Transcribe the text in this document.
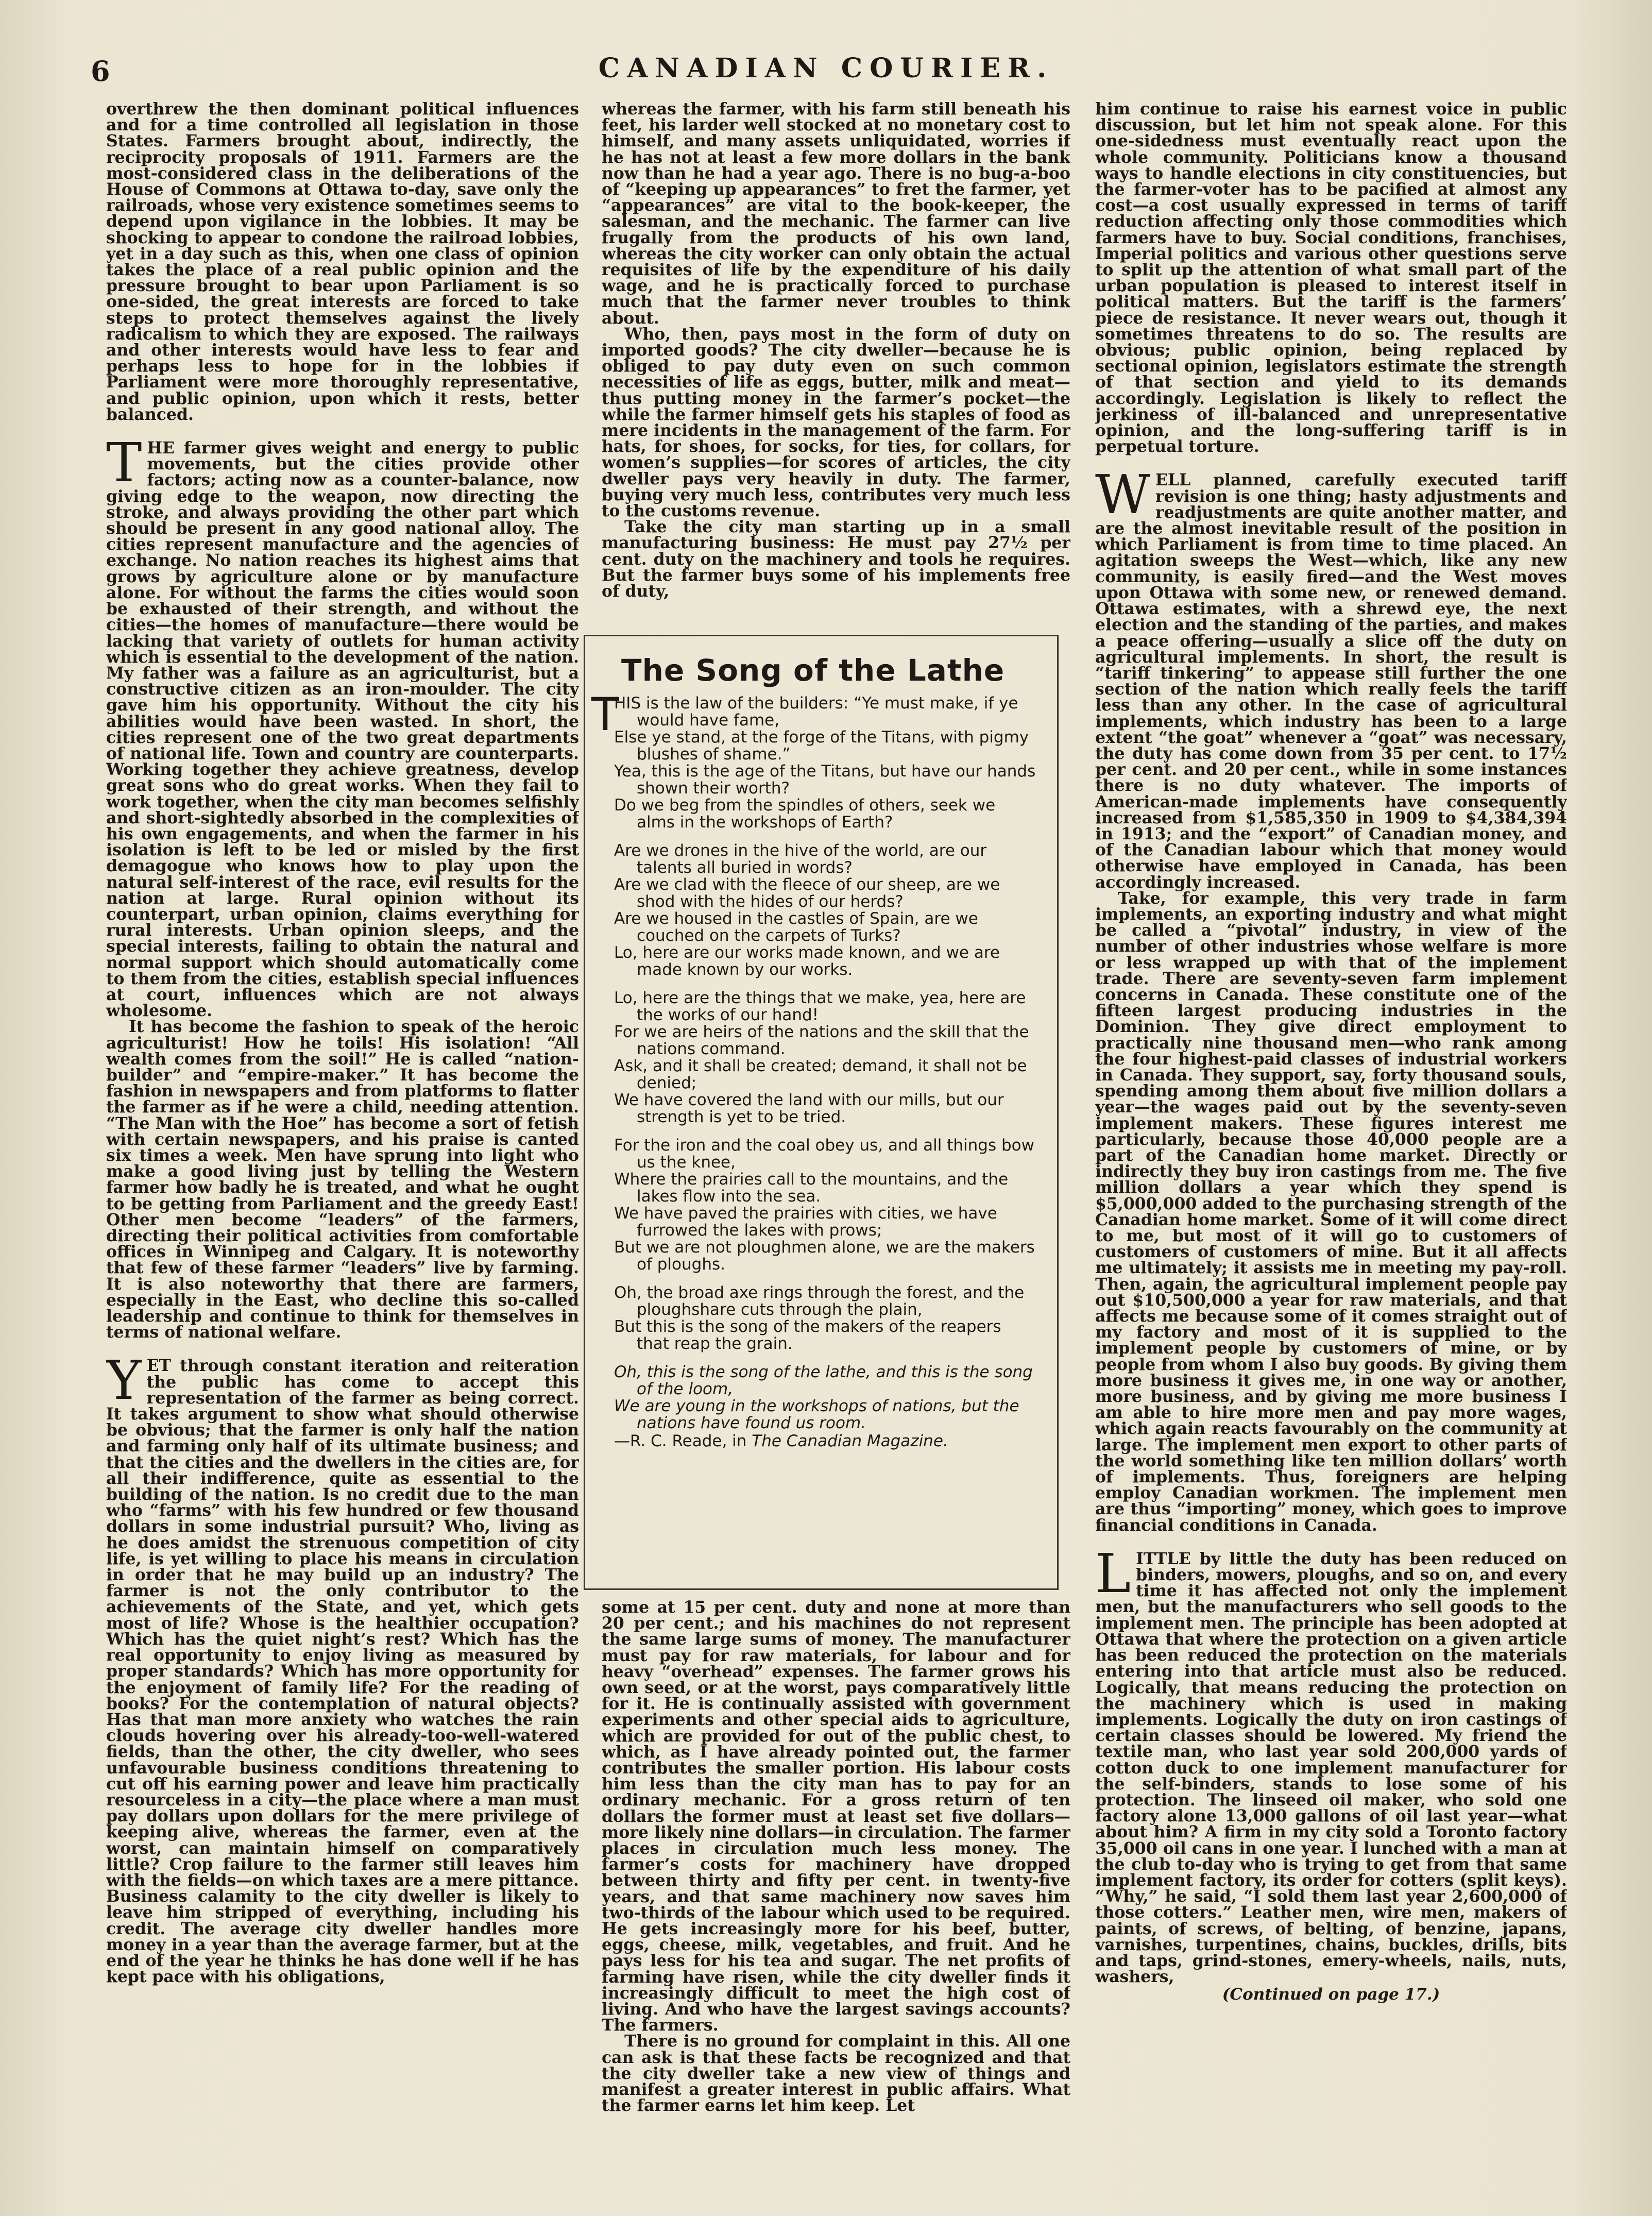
6	CANADIAN COURIER.

overthrew the then dominant political influences and for a time controlled all legislation in those States. Farmers brought about, indirectly, the reciprocity proposals of 1911. Farmers are the most-considered class in the deliberations of the House of Commons at Ottawa to-day, save only the railroads, whose very existence sometimes seems to depend upon vigilance in the lobbies. It may be shocking to appear to condone the railroad lobbies, yet in a day such as this, when one class of opinion takes the place of a real public opinion and the pressure brought to bear upon Parliament is so one-sided, the great interests are forced to take steps to protect themselves against the lively radicalism to which they are exposed. The railways and other interests would have less to fear and perhaps less to hope for in the lobbies if Parliament were more thoroughly representative, and public opinion, upon which it rests, better balanced.

THE farmer gives weight and energy to public movements, but the cities provide other factors; acting now as a counter-balance, now giving edge to the weapon, now directing the stroke, and always providing the other part which should be present in any good national alloy. The cities represent manufacture and the agencies of exchange. No nation reaches its highest aims that grows by agriculture alone or by manufacture alone. For without the farms the cities would soon be exhausted of their strength, and without the cities—the homes of manufacture—there would be lacking that variety of outlets for human activity which is essential to the development of the nation. My father was a failure as an agriculturist, but a constructive citizen as an iron-moulder. The city gave him his opportunity. Without the city his abilities would have been wasted. In short, the cities represent one of the two great departments of national life. Town and country are counterparts. Working together they achieve greatness, develop great sons who do great works. When they fail to work together, when the city man becomes selfishly and short-sightedly absorbed in the complexities of his own engagements, and when the farmer in his isolation is left to be led or misled by the first demagogue who knows how to play upon the natural self-interest of the race, evil results for the nation at large. Rural opinion without its counterpart, urban opinion, claims everything for rural interests. Urban opinion sleeps, and the special interests, failing to obtain the natural and normal support which should automatically come to them from the cities, establish special influences at court, influences which are not always wholesome.

It has become the fashion to speak of the heroic agriculturist! How he toils! His isolation! “All wealth comes from the soil!” He is called “nation-builder” and “empire-maker.” It has become the fashion in newspapers and from platforms to flatter the farmer as if he were a child, needing attention. “The Man with the Hoe” has become a sort of fetish with certain newspapers, and his praise is canted six times a week. Men have sprung into light who make a good living just by telling the Western farmer how badly he is treated, and what he ought to be getting from Parliament and the greedy East! Other men become “leaders” of the farmers, directing their political activities from comfortable offices in Winnipeg and Calgary. It is noteworthy that few of these farmer “leaders” live by farming. It is also noteworthy that there are farmers, especially in the East, who decline this so-called leadership and continue to think for themselves in terms of national welfare.

YET through constant iteration and reiteration the public has come to accept this representation of the farmer as being correct. It takes argument to show what should otherwise be obvious; that the farmer is only half the nation and farming only half of its ultimate business; and that the cities and the dwellers in the cities are, for all their indifference, quite as essential to the building of the nation. Is no credit due to the man who “farms” with his few hundred or few thousand dollars in some industrial pursuit? Who, living as he does amidst the strenuous competition of city life, is yet willing to place his means in circulation in order that he may build up an industry? The farmer is not the only contributor to the achievements of the State, and yet, which gets most of life? Whose is the healthier occupation? Which has the quiet night’s rest? Which has the real opportunity to enjoy living as measured by proper standards? Which has more opportunity for the enjoyment of family life? For the reading of books? For the contemplation of natural objects? Has that man more anxiety who watches the rain clouds hovering over his already-too-well-watered fields, than the other, the city dweller, who sees unfavourable business conditions threatening to cut off his earning power and leave him practically resourceless in a city—the place where a man must pay dollars upon dollars for the mere privilege of keeping alive, whereas the farmer, even at the worst, can maintain himself on comparatively little? Crop failure to the farmer still leaves him with the fields—on which taxes are a mere pittance. Business calamity to the city dweller is likely to leave him stripped of everything, including his credit. The average city dweller handles more money in a year than the average farmer, but at the end of the year he thinks he has done well if he has kept pace with his obligations,

whereas the farmer, with his farm still beneath his feet, his larder well stocked at no monetary cost to himself, and many assets unliquidated, worries if he has not at least a few more dollars in the bank now than he had a year ago. There is no bug-a-boo of “keeping up appearances” to fret the farmer, yet “appearances” are vital to the book-keeper, the salesman, and the mechanic. The farmer can live frugally from the products of his own land, whereas the city worker can only obtain the actual requisites of life by the expenditure of his daily wage, and he is practically forced to purchase much that the farmer never troubles to think about.

Who, then, pays most in the form of duty on imported goods? The city dweller—because he is obliged to pay duty even on such common necessities of life as eggs, butter, milk and meat—thus putting money in the farmer’s pocket—the while the farmer himself gets his staples of food as mere incidents in the management of the farm. For hats, for shoes, for socks, for ties, for collars, for women’s supplies—for scores of articles, the city dweller pays very heavily in duty. The farmer, buying very much less, contributes very much less to the customs revenue.

Take the city man starting up in a small manufacturing business: He must pay 27½ per cent. duty on the machinery and tools he requires. But the farmer buys some of his implements free of duty,

The Song of the Lathe
T
HIS is the law of the builders: “Ye must make, if ye would have fame,
Else ye stand, at the forge of the Titans, with pigmy blushes of shame.”
Yea, this is the age of the Titans, but have our hands shown their worth?
Do we beg from the spindles of others, seek we alms in the workshops of Earth?
Are we drones in the hive of the world, are our talents all buried in words?
Are we clad with the fleece of our sheep, are we shod with the hides of our herds?
Are we housed in the castles of Spain, are we couched on the carpets of Turks?
Lo, here are our works made known, and we are made known by our works.
Lo, here are the things that we make, yea, here are the works of our hand!
For we are heirs of the nations and the skill that the nations command.
Ask, and it shall be created; demand, it shall not be denied;
We have covered the land with our mills, but our strength is yet to be tried.
For the iron and the coal obey us, and all things bow us the knee,
Where the prairies call to the mountains, and the lakes flow into the sea.
We have paved the prairies with cities, we have furrowed the lakes with prows;
But we are not ploughmen alone, we are the makers of ploughs.
Oh, the broad axe rings through the forest, and the ploughshare cuts through the plain,
But this is the song of the makers of the reapers that reap the grain.
Oh, this is the song of the lathe, and this is the song of the loom,
We are young in the workshops of nations, but the nations have found us room.
—R. C. Reade, in The Canadian Magazine.

some at 15 per cent. duty and none at more than 20 per cent.; and his machines do not represent the same large sums of money. The manufacturer must pay for raw materials, for labour and for heavy “overhead” expenses. The farmer grows his own seed, or at the worst, pays comparatively little for it. He is continually assisted with government experiments and other special aids to agriculture, which are provided for out of the public chest, to which, as I have already pointed out, the farmer contributes the smaller portion. His labour costs him less than the city man has to pay for an ordinary mechanic. For a gross return of ten dollars the former must at least set five dollars—more likely nine dollars—in circulation. The farmer places in circulation much less money. The farmer’s costs for machinery have dropped between thirty and fifty per cent. in twenty-five years, and that same machinery now saves him two-thirds of the labour which used to be required. He gets increasingly more for his beef, butter, eggs, cheese, milk, vegetables, and fruit. And he pays less for his tea and sugar. The net profits of farming have risen, while the city dweller finds it increasingly difficult to meet the high cost of living. And who have the largest savings accounts? The farmers.

There is no ground for complaint in this. All one can ask is that these facts be recognized and that the city dweller take a new view of things and manifest a greater interest in public affairs. What the farmer earns let him keep. Let

him continue to raise his earnest voice in public discussion, but let him not speak alone. For this one-sidedness must eventually react upon the whole community. Politicians know a thousand ways to handle elections in city constituencies, but the farmer-voter has to be pacified at almost any cost—a cost usually expressed in terms of tariff reduction affecting only those commodities which farmers have to buy. Social conditions, franchises, Imperial politics and various other questions serve to split up the attention of what small part of the urban population is pleased to interest itself in political matters. But the tariff is the farmers’ piece de resistance. It never wears out, though it sometimes threatens to do so. The results are obvious; public opinion, being replaced by sectional opinion, legislators estimate the strength of that section and yield to its demands accordingly. Legislation is likely to reflect the jerkiness of ill-balanced and unrepresentative opinion, and the long-suffering tariff is in perpetual torture.

WELL planned, carefully executed tariff revision is one thing; hasty adjustments and readjustments are quite another matter, and are the almost inevitable result of the position in which Parliament is from time to time placed. An agitation sweeps the West—which, like any new community, is easily fired—and the West moves upon Ottawa with some new, or renewed demand. Ottawa estimates, with a shrewd eye, the next election and the standing of the parties, and makes a peace offering—usually a slice off the duty on agricultural implements. In short, the result is “tariff tinkering” to appease still further the one section of the nation which really feels the tariff less than any other. In the case of agricultural implements, which industry has been to a large extent “the goat” whenever a “goat” was necessary, the duty has come down from 35 per cent. to 17½ per cent. and 20 per cent., while in some instances there is no duty whatever. The imports of American-made implements have consequently increased from $1,585,350 in 1909 to $4,384,394 in 1913; and the “export” of Canadian money, and of the Canadian labour which that money would otherwise have employed in Canada, has been accordingly increased.

Take, for example, this very trade in farm implements, an exporting industry and what might be called a “pivotal” industry, in view of the number of other industries whose welfare is more or less wrapped up with that of the implement trade. There are seventy-seven farm implement concerns in Canada. These constitute one of the fifteen largest producing industries in the Dominion. They give direct employment to practically nine thousand men—who rank among the four highest-paid classes of industrial workers in Canada. They support, say, forty thousand souls, spending among them about five million dollars a year—the wages paid out by the seventy-seven implement makers. These figures interest me particularly, because those 40,000 people are a part of the Canadian home market. Directly or indirectly they buy iron castings from me. The five million dollars a year which they spend is $5,000,000 added to the purchasing strength of the Canadian home market. Some of it will come direct to me, but most of it will go to customers of customers of customers of mine. But it all affects me ultimately; it assists me in meeting my pay-roll. Then, again, the agricultural implement people pay out $10,500,000 a year for raw materials, and that affects me because some of it comes straight out of my factory and most of it is supplied to the implement people by customers of mine, or by people from whom I also buy goods. By giving them more business it gives me, in one way or another, more business, and by giving me more business I am able to hire more men and pay more wages, which again reacts favourably on the community at large. The implement men export to other parts of the world something like ten million dollars’ worth of implements. Thus, foreigners are helping employ Canadian workmen. The implement men are thus “importing” money, which goes to improve financial conditions in Canada.

LITTLE by little the duty has been reduced on binders, mowers, ploughs, and so on, and every time it has affected not only the implement men, but the manufacturers who sell goods to the implement men. The principle has been adopted at Ottawa that where the protection on a given article has been reduced the protection on the materials entering into that article must also be reduced. Logically, that means reducing the protection on the machinery which is used in making implements. Logically the duty on iron castings of certain classes should be lowered. My friend the textile man, who last year sold 200,000 yards of cotton duck to one implement manufacturer for the self-binders, stands to lose some of his protection. The linseed oil maker, who sold one factory alone 13,000 gallons of oil last year—what about him? A firm in my city sold a Toronto factory 35,000 oil cans in one year. I lunched with a man at the club to-day who is trying to get from that same implement factory, its order for cotters (split keys). “Why,” he said, “I sold them last year 2,600,000 of those cotters.” Leather men, wire men, makers of paints, of screws, of belting, of benzine, japans, varnishes, turpentines, chains, buckles, drills, bits and taps, grind-stones, emery-wheels, nails, nuts, washers,

(Continued on page 17.)
